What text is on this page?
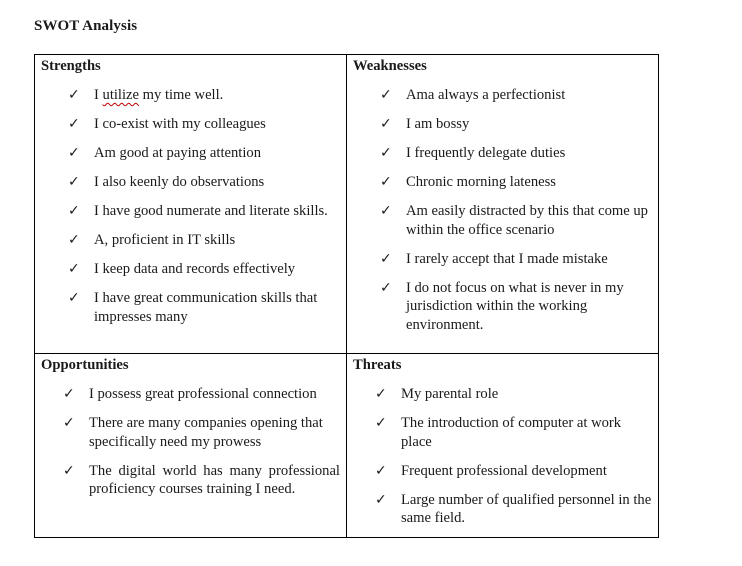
SWOT Analysis
Strengths
✓ I utilize my time well.
✓ I co-exist with my colleagues
✓ Am good at paying attention
✓ I also keenly do observations
✓ I have good numerate and literate skills.
✓ A, proficient in IT skills
✓ I keep data and records effectively
✓ I have great communication skills that impresses many
Weaknesses
✓ Ama always a perfectionist
✓ I am bossy
✓ I frequently delegate duties
✓ Chronic morning lateness
✓ Am easily distracted by this that come up within the office scenario
✓ I rarely accept that I made mistake
✓ I do not focus on what is never in my jurisdiction within the working environment.
Opportunities
✓ I possess great professional connection
✓ There are many companies opening that specifically need my prowess
✓ The digital world has many professional proficiency courses training I need.
Threats
✓ My parental role
✓ The introduction of computer at work place
✓ Frequent professional development
✓ Large number of qualified personnel in the same field.
